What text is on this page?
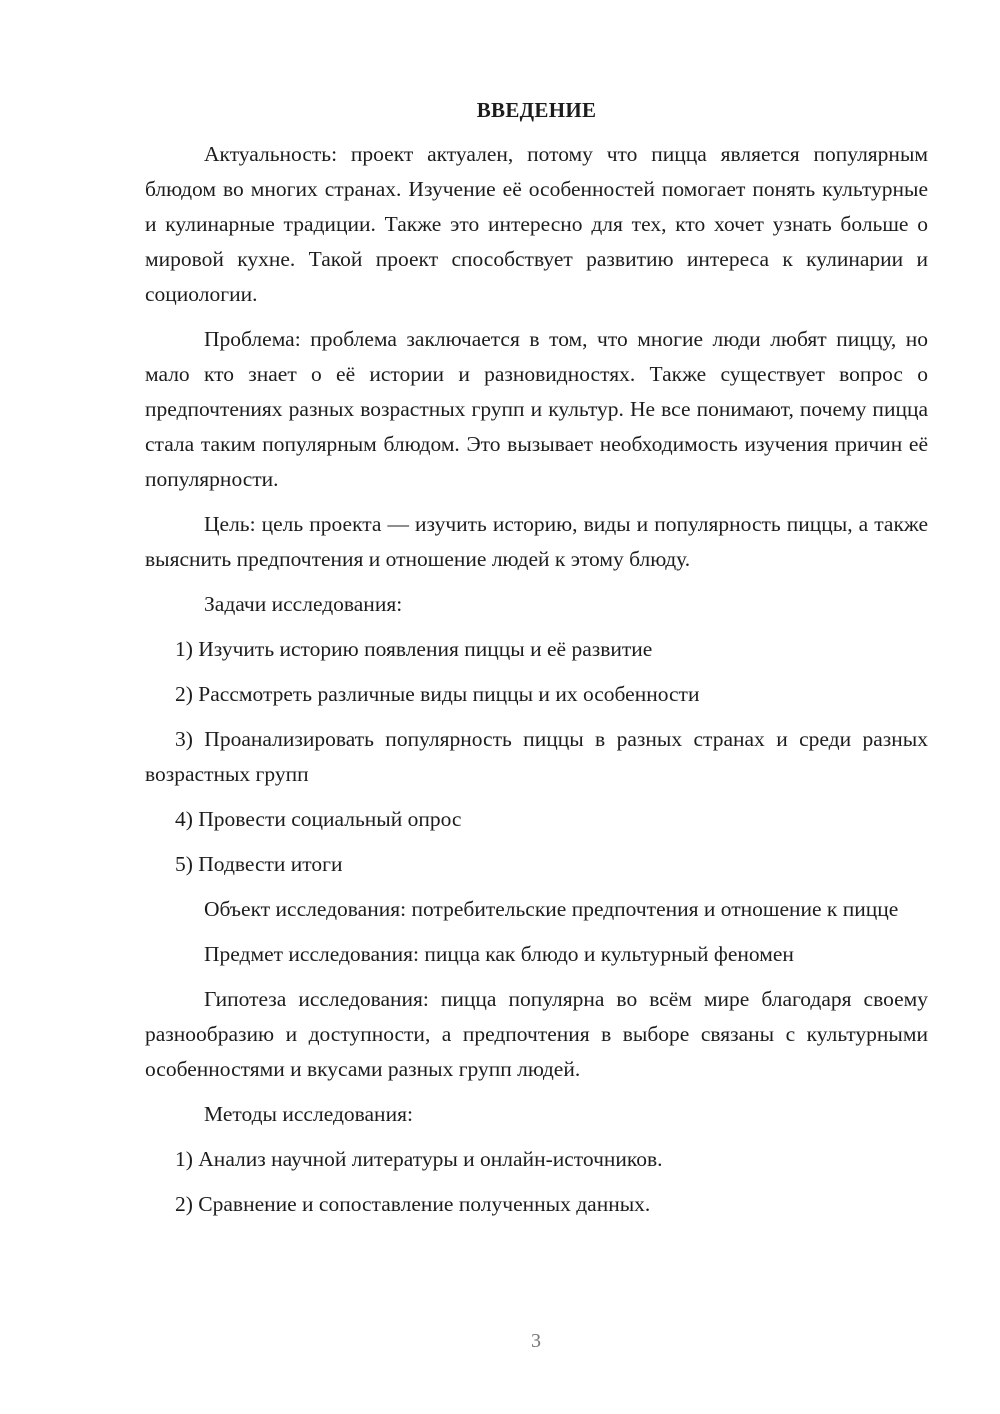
ВВЕДЕНИЕ

Актуальность: проект актуален, потому что пицца является популярным блюдом во многих странах. Изучение её особенностей помогает понять культурные и кулинарные традиции. Также это интересно для тех, кто хочет узнать больше о мировой кухне. Такой проект способствует развитию интереса к кулинарии и социологии.

Проблема: проблема заключается в том, что многие люди любят пиццу, но мало кто знает о её истории и разновидностях. Также существует вопрос о предпочтениях разных возрастных групп и культур. Не все понимают, почему пицца стала таким популярным блюдом. Это вызывает необходимость изучения причин её популярности.

Цель: цель проекта — изучить историю, виды и популярность пиццы, а также выяснить предпочтения и отношение людей к этому блюду.

Задачи исследования:

1) Изучить историю появления пиццы и её развитие

2) Рассмотреть различные виды пиццы и их особенности

3) Проанализировать популярность пиццы в разных странах и среди разных возрастных групп

4) Провести социальный опрос

5) Подвести итоги

Объект исследования: потребительские предпочтения и отношение к пицце

Предмет исследования: пицца как блюдо и культурный феномен

Гипотеза исследования: пицца популярна во всём мире благодаря своему разнообразию и доступности, а предпочтения в выборе связаны с культурными особенностями и вкусами разных групп людей.

Методы исследования:

1) Анализ научной литературы и онлайн-источников.

2) Сравнение и сопоставление полученных данных.

3
